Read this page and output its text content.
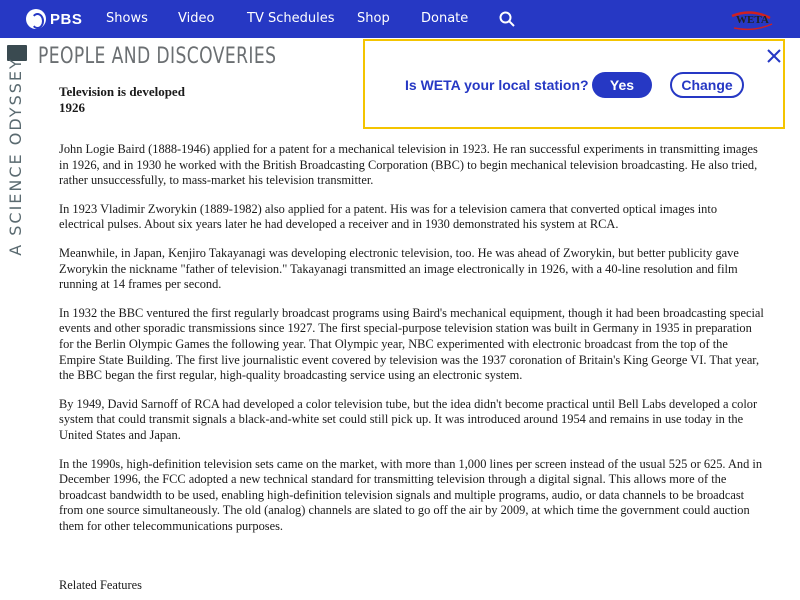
PBS Shows Video	TV Schedules Shop Donate	WETA
A SCIENCE ODYSSEY
PEOPLE AND DISCOVERIES
Television is developed
1926

John Logie Baird (1888-1946) applied for a patent for a mechanical television in 1923. He ran successful experiments in transmitting images in 1926, and in 1930 he worked with the British Broadcasting Corporation (BBC) to begin mechanical television broadcasting. He also tried, rather unsuccessfully, to mass-market his television transmitter.

In 1923 Vladimir Zworykin (1889-1982) also applied for a patent. His was for a television camera that converted optical images into electrical pulses. About six years later he had developed a receiver and in 1930 demonstrated his system at RCA.

Meanwhile, in Japan, Kenjiro Takayanagi was developing electronic television, too. He was ahead of Zworykin, but better publicity gave Zworykin the nickname "father of television." Takayanagi transmitted an image electronically in 1926, with a 40-line resolution and film running at 14 frames per second.

In 1932 the BBC ventured the first regularly broadcast programs using Baird's mechanical equipment, though it had been broadcasting special events and other sporadic transmissions since 1927. The first special-purpose television station was built in Germany in 1935 in preparation for the Berlin Olympic Games the following year. That Olympic year, NBC experimented with electronic broadcast from the top of the Empire State Building. The first live journalistic event covered by television was the 1937 coronation of Britain's King George VI. That year, the BBC began the first regular, high-quality broadcasting service using an electronic system.

By 1949, David Sarnoff of RCA had developed a color television tube, but the idea didn't become practical until Bell Labs developed a color system that could transmit signals a black-and-white set could still pick up. It was introduced around 1954 and remains in use today in the United States and Japan.

In the 1990s, high-definition television sets came on the market, with more than 1,000 lines per screen instead of the usual 525 or 625. And in December 1996, the FCC adopted a new technical standard for transmitting television through a digital signal. This allows more of the broadcast bandwidth to be used, enabling high-definition television signals and multiple programs, audio, or data channels to be broadcast from one source simultaneously. The old (analog) channels are slated to go off the air by 2009, at which time the government could auction them for other telecommunications purposes.

Related Features
Is WETA your local station?	Yes	Change
